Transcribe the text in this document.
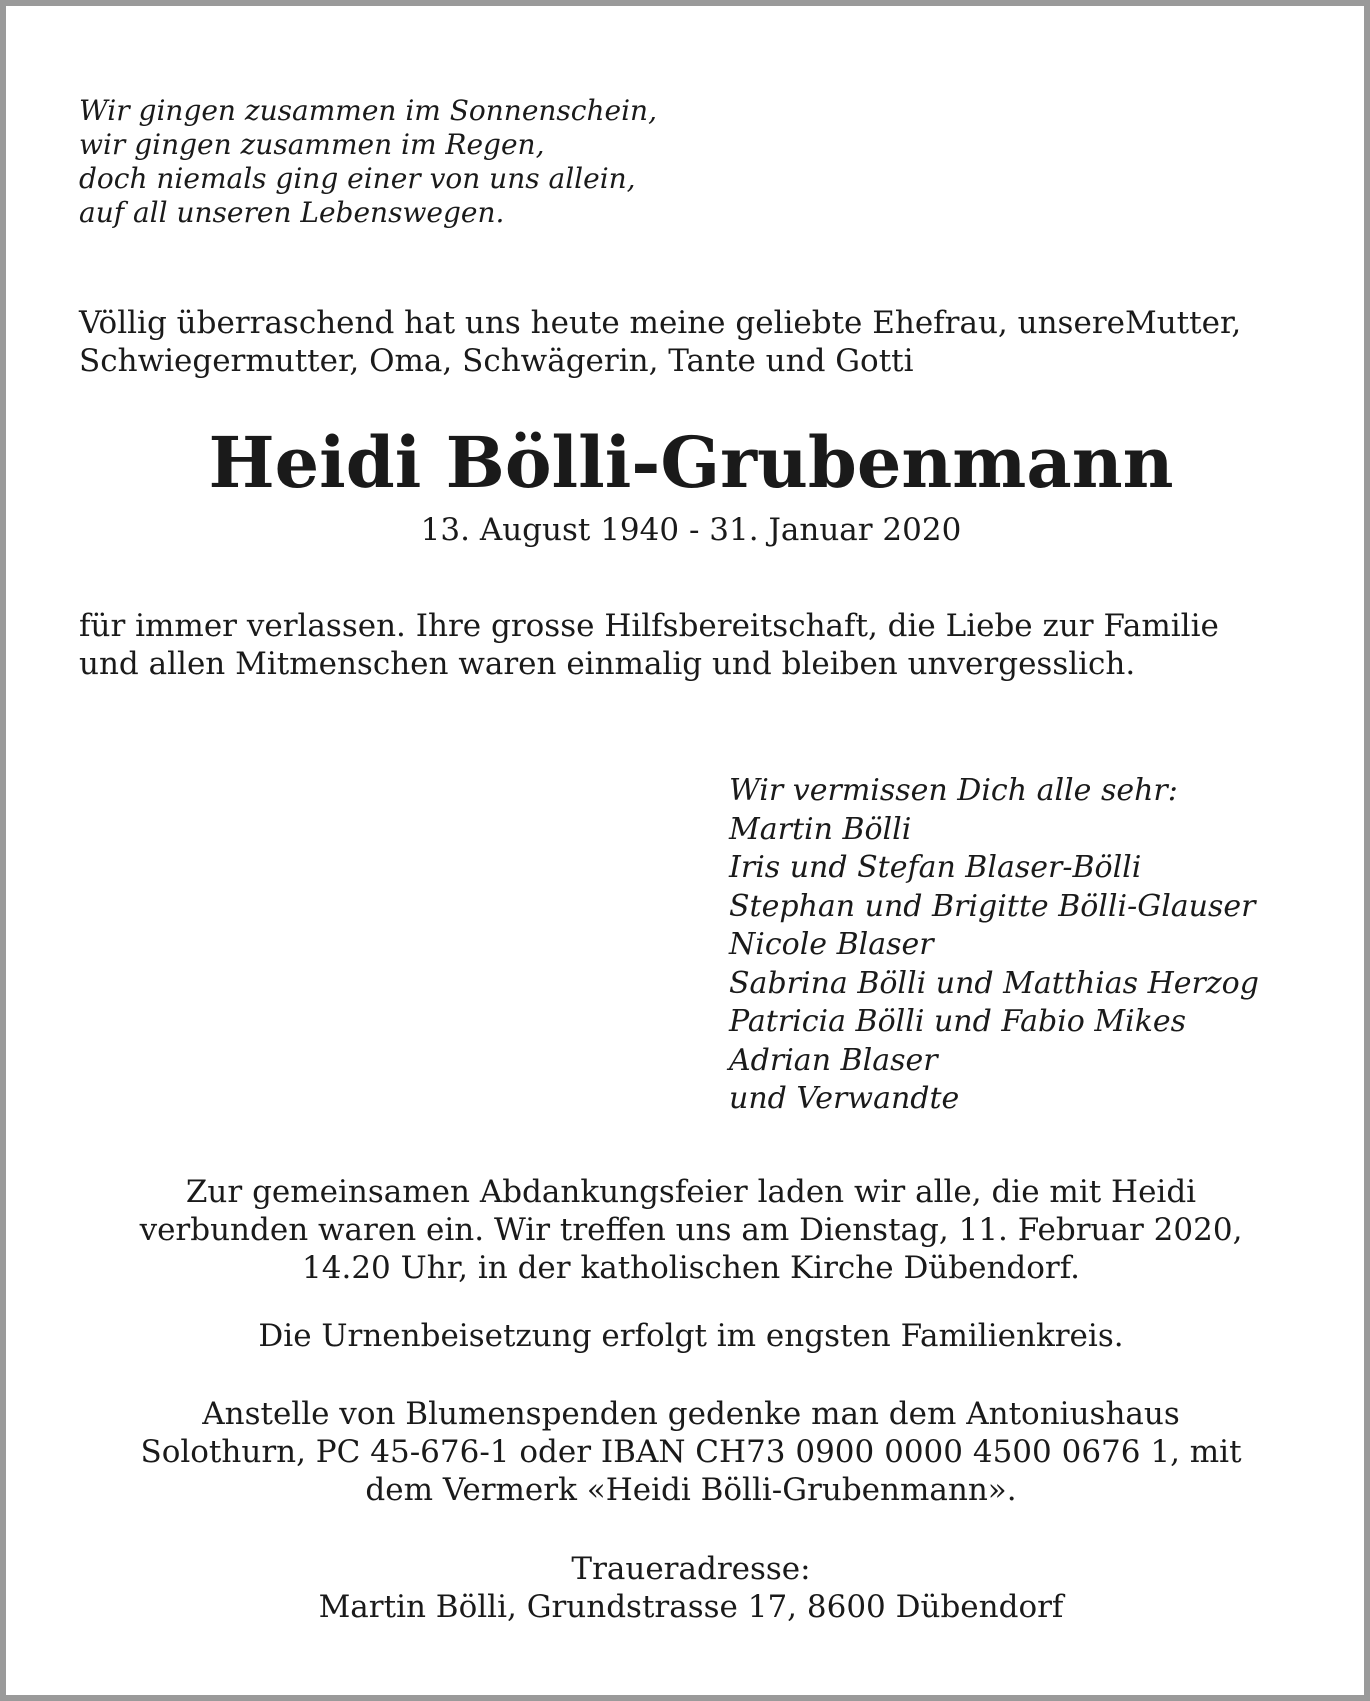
Wir gingen zusammen im Sonnenschein,
wir gingen zusammen im Regen,
doch niemals ging einer von uns allein,
auf all unseren Lebenswegen.
Völlig überraschend hat uns heute meine geliebte Ehefrau, unsereMutter,
Schwiegermutter, Oma, Schwägerin, Tante und Gotti
Heidi Bölli-Grubenmann
13. August 1940 - 31. Januar 2020
für immer verlassen. Ihre grosse Hilfsbereitschaft, die Liebe zur Familie
und allen Mitmenschen waren einmalig und bleiben unvergesslich.
Wir vermissen Dich alle sehr:
Martin Bölli
Iris und Stefan Blaser-Bölli
Stephan und Brigitte Bölli-Glauser
Nicole Blaser
Sabrina Bölli und Matthias Herzog
Patricia Bölli und Fabio Mikes
Adrian Blaser
und Verwandte
Zur gemeinsamen Abdankungsfeier laden wir alle, die mit Heidi
verbunden waren ein. Wir treffen uns am Dienstag, 11. Februar 2020,
14.20 Uhr, in der katholischen Kirche Dübendorf.
Die Urnenbeisetzung erfolgt im engsten Familienkreis.
Anstelle von Blumenspenden gedenke man dem Antoniushaus
Solothurn, PC 45-676-1 oder IBAN CH73 0900 0000 4500 0676 1, mit
dem Vermerk «Heidi Bölli-Grubenmann».
Traueradresse:
Martin Bölli, Grundstrasse 17, 8600 Dübendorf
